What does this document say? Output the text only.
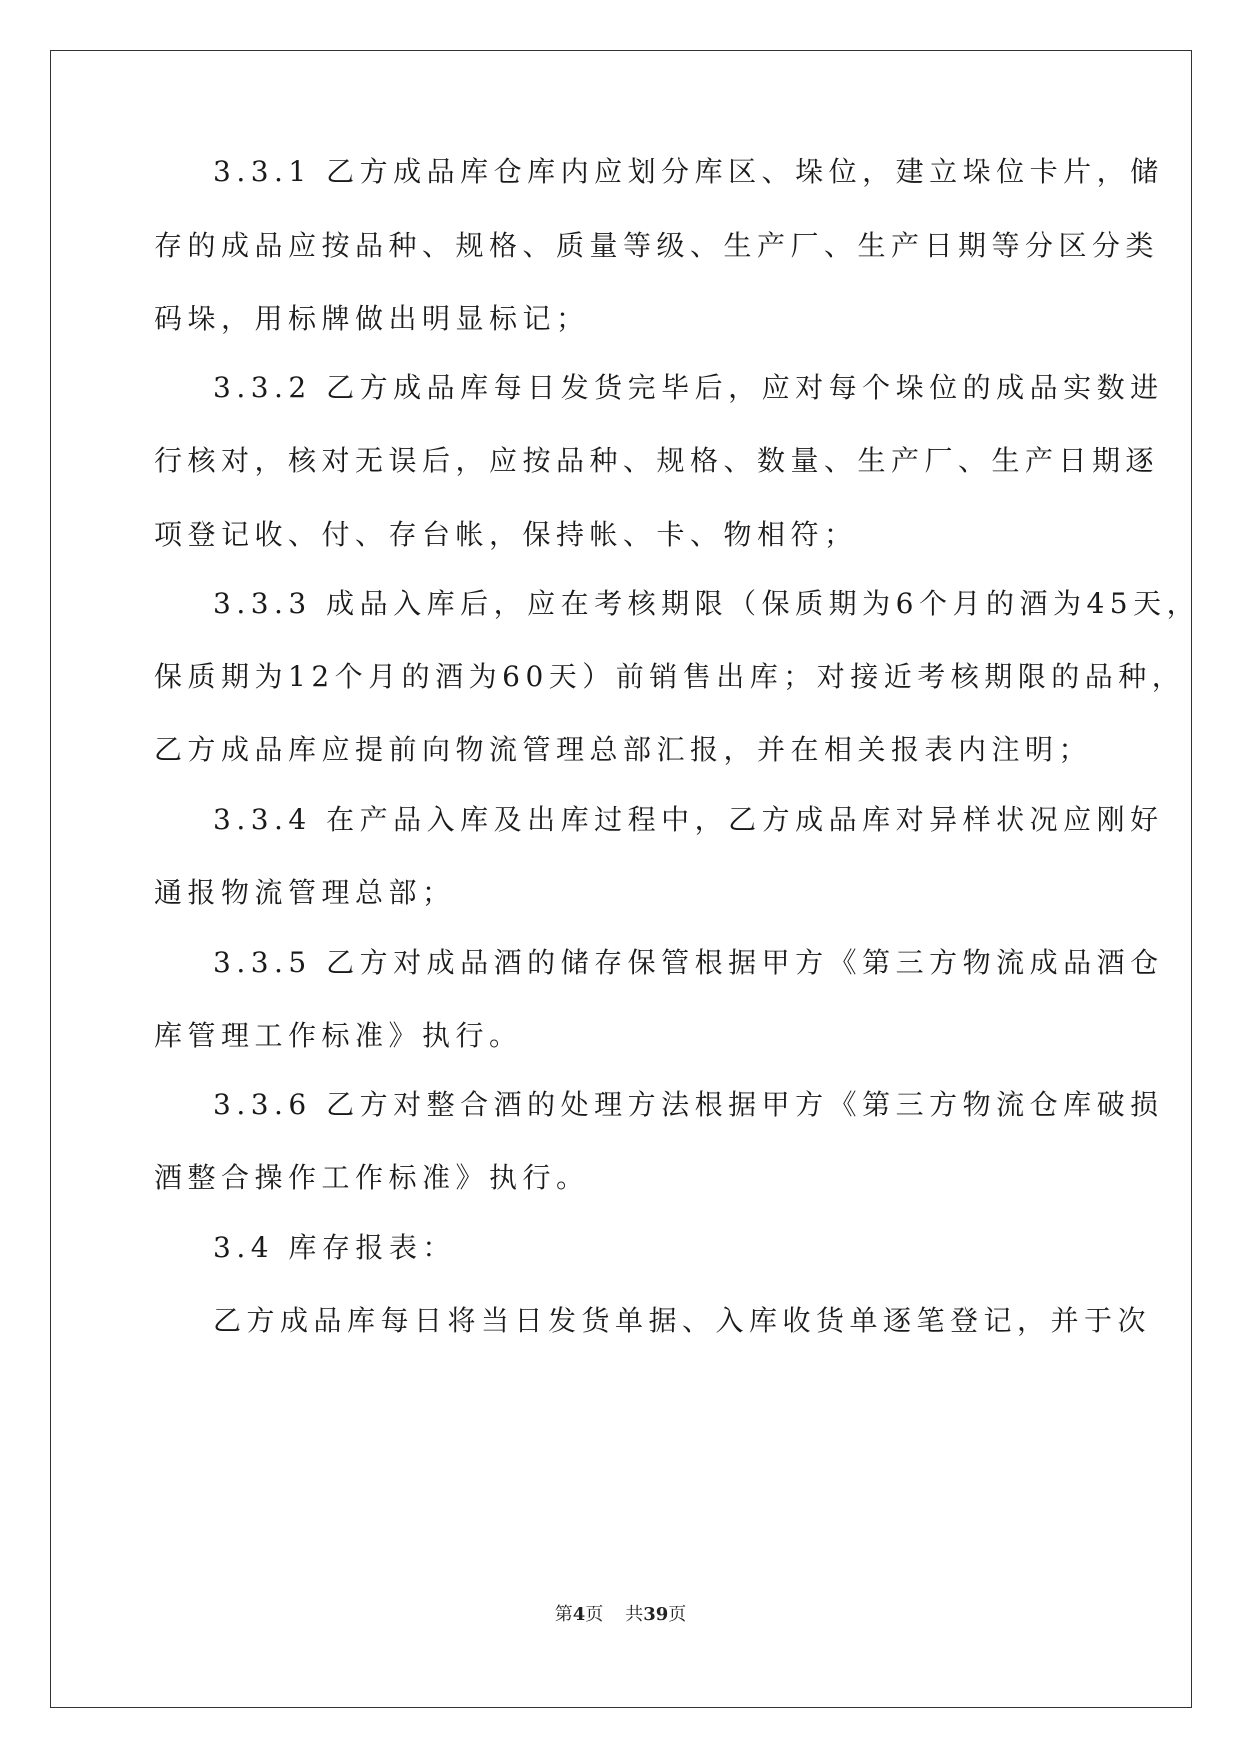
3.3.1 乙方成品库仓库内应划分库区、垛位，建立垛位卡片，储

存的成品应按品种、规格、质量等级、生产厂、生产日期等分区分类

码垛，用标牌做出明显标记；

3.3.2 乙方成品库每日发货完毕后，应对每个垛位的成品实数进

行核对，核对无误后，应按品种、规格、数量、生产厂、生产日期逐

项登记收、付、存台帐，保持帐、卡、物相符；

3.3.3 成品入库后，应在考核期限（保质期为6个月的酒为45天，

保质期为12个月的酒为60天）前销售出库；对接近考核期限的品种，

乙方成品库应提前向物流管理总部汇报，并在相关报表内注明；

3.3.4 在产品入库及出库过程中，乙方成品库对异样状况应刚好

通报物流管理总部；

3.3.5 乙方对成品酒的储存保管根据甲方《第三方物流成品酒仓

库管理工作标准》执行。

3.3.6 乙方对整合酒的处理方法根据甲方《第三方物流仓库破损

酒整合操作工作标准》执行。

3.4 库存报表：

乙方成品库每日将当日发货单据、入库收货单逐笔登记，并于次

第4页 共39页
